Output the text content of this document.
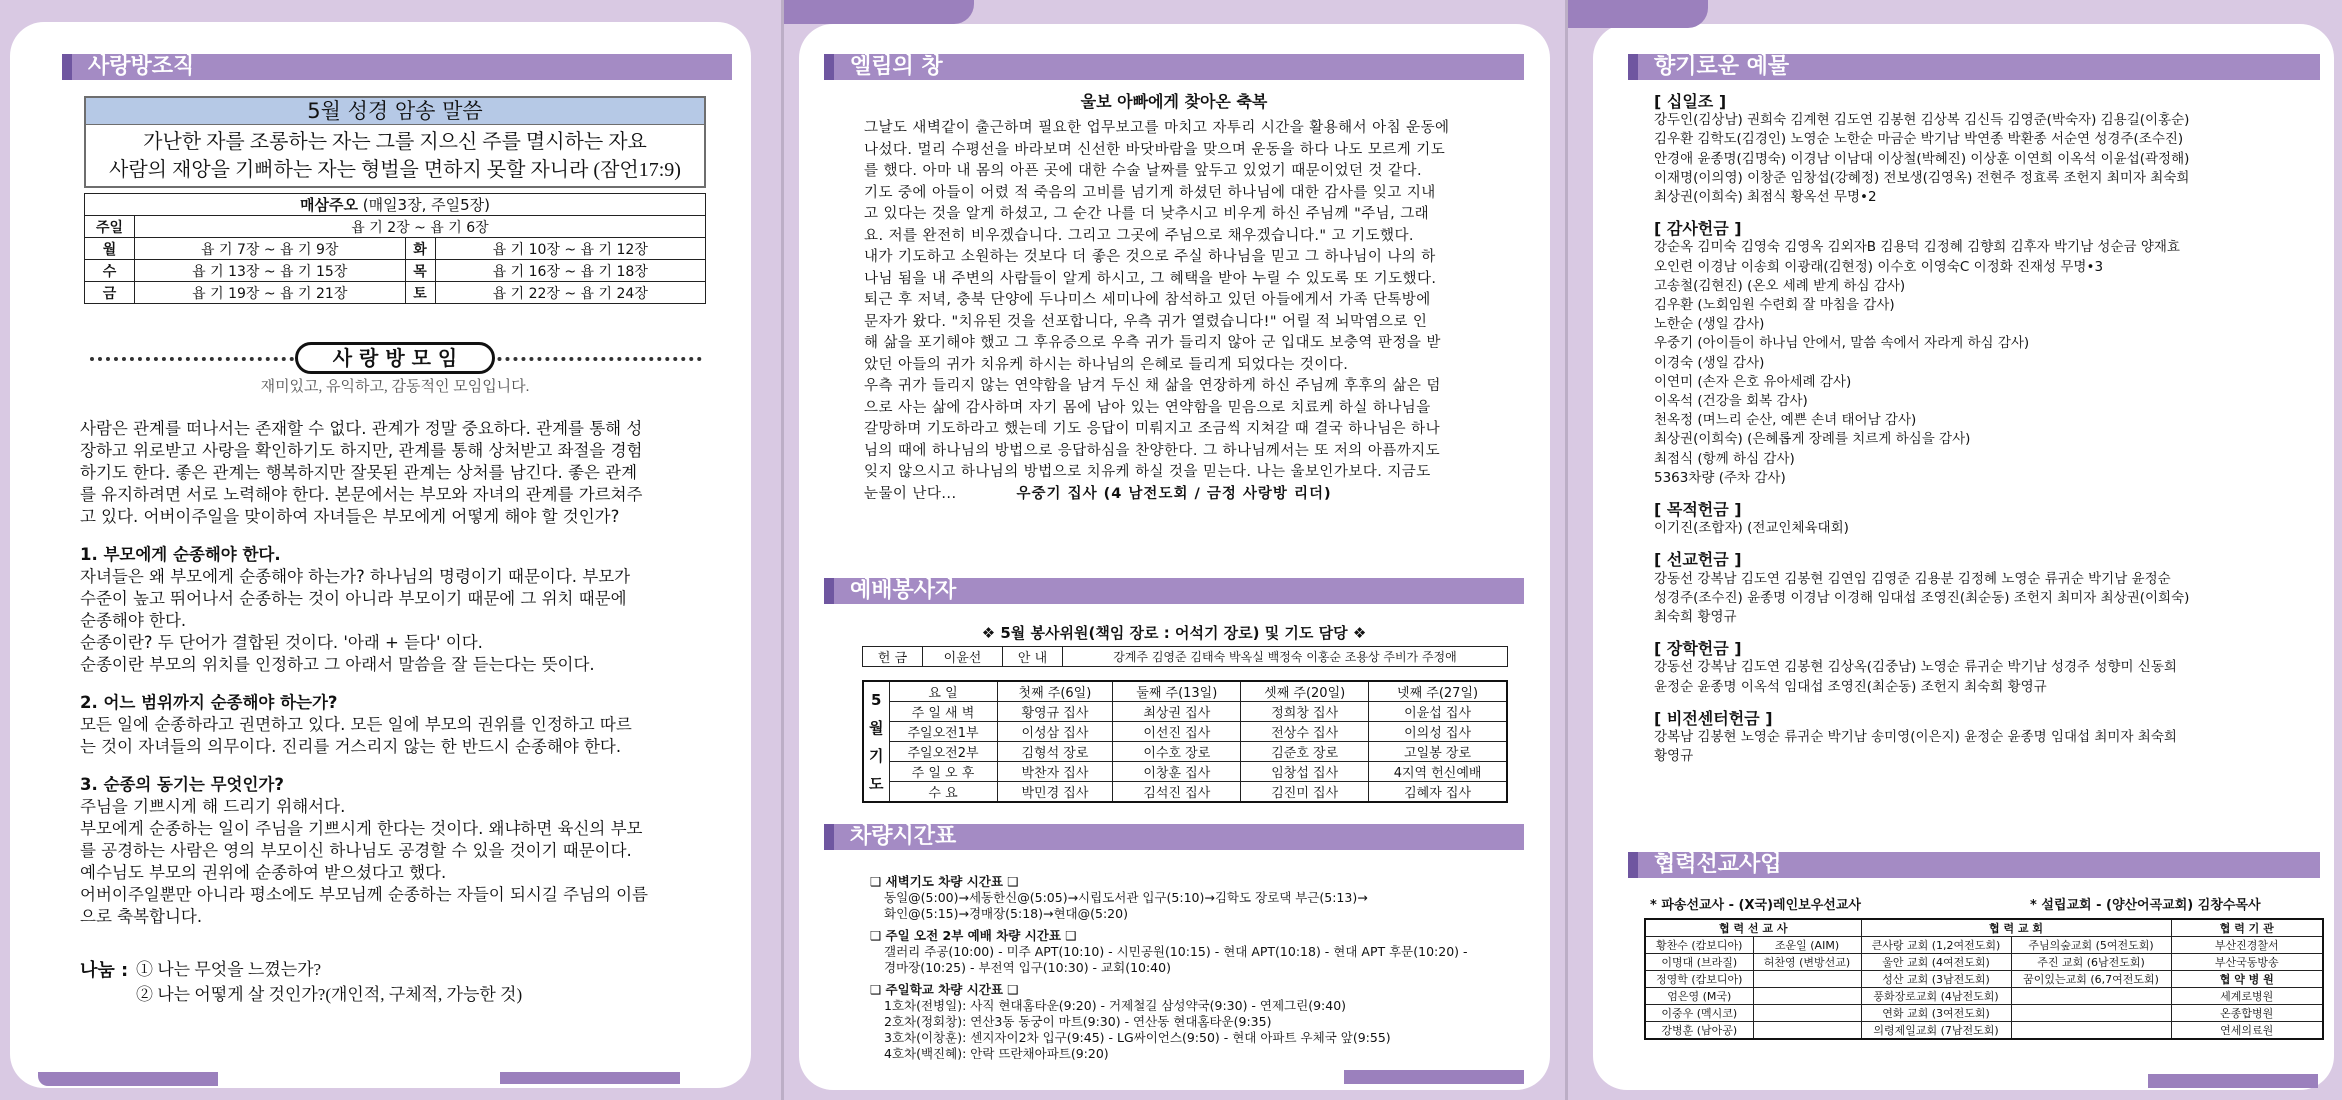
사랑방조직
5월 성경 암송 말씀
가난한 자를 조롱하는 자는 그를 지으신 주를 멸시하는 자요
사람의 재앙을 기뻐하는 자는 형벌을 면하지 못할 자니라 (잠언17:9)
매삼주오 (매일3장, 주일5장)			
주일	욥 기 2장 ~ 욥 기 6장		
월	욥 기 7장 ~ 욥 기 9장	화	욥 기 10장 ~ 욥 기 12장
수	욥 기 13장 ~ 욥 기 15장	목	욥 기 16장 ~ 욥 기 18장
금	욥 기 19장 ~ 욥 기 21장	토	욥 기 22장 ~ 욥 기 24장
사 랑 방 모 임
재미있고, 유익하고, 감동적인 모임입니다.
사람은 관계를 떠나서는 존재할 수 없다. 관계가 정말 중요하다. 관계를 통해 성
장하고 위로받고 사랑을 확인하기도 하지만, 관계를 통해 상처받고 좌절을 경험
하기도 한다. 좋은 관계는 행복하지만 잘못된 관계는 상처를 남긴다. 좋은 관계
를 유지하려면 서로 노력해야 한다. 본문에서는 부모와 자녀의 관계를 가르쳐주
고 있다. 어버이주일을 맞이하여 자녀들은 부모에게 어떻게 해야 할 것인가?
1. 부모에게 순종해야 한다.
자녀들은 왜 부모에게 순종해야 하는가? 하나님의 명령이기 때문이다. 부모가
수준이 높고 뛰어나서 순종하는 것이 아니라 부모이기 때문에 그 위치 때문에
순종해야 한다.
순종이란? 두 단어가 결합된 것이다. '아래 + 듣다' 이다.
순종이란 부모의 위치를 인정하고 그 아래서 말씀을 잘 듣는다는 뜻이다.
2. 어느 범위까지 순종해야 하는가?
모든 일에 순종하라고 권면하고 있다. 모든 일에 부모의 권위를 인정하고 따르
는 것이 자녀들의 의무이다. 진리를 거스리지 않는 한 반드시 순종해야 한다.
3. 순종의 동기는 무엇인가?
주님을 기쁘시게 해 드리기 위해서다.
부모에게 순종하는 일이 주님을 기쁘시게 한다는 것이다. 왜냐하면 육신의 부모
를 공경하는 사람은 영의 부모이신 하나님도 공경할 수 있을 것이기 때문이다.
예수님도 부모의 권위에 순종하여 받으셨다고 했다.
어버이주일뿐만 아니라 평소에도 부모님께 순종하는 자들이 되시길 주님의 이름
으로 축복합니다.
나눔 : ① 나는 무엇을 느꼈는가?
② 나는 어떻게 살 것인가?(개인적, 구체적, 가능한 것)
엘림의 창
울보 아빠에게 찾아온 축복
그날도 새벽같이 출근하며 필요한 업무보고를 마치고 자투리 시간을 활용해서 아침 운동에
나섰다. 멀리 수평선을 바라보며 신선한 바닷바람을 맞으며 운동을 하다 나도 모르게 기도
를 했다. 아마 내 몸의 아픈 곳에 대한 수술 날짜를 앞두고 있었기 때문이었던 것 같다.
기도 중에 아들이 어렸 적 죽음의 고비를 넘기게 하셨던 하나님에 대한 감사를 잊고 지내
고 있다는 것을 알게 하셨고, 그 순간 나를 더 낮추시고 비우게 하신 주님께 "주님, 그래
요. 저를 완전히 비우겠습니다. 그리고 그곳에 주님으로 채우겠습니다." 고 기도했다.
내가 기도하고 소원하는 것보다 더 좋은 것으로 주실 하나님을 믿고 그 하나님이 나의 하
나님 됨을 내 주변의 사람들이 알게 하시고, 그 혜택을 받아 누릴 수 있도록 또 기도했다.
퇴근 후 저녁, 충북 단양에 두나미스 세미나에 참석하고 있던 아들에게서 가족 단톡방에
문자가 왔다. "치유된 것을 선포합니다, 우측 귀가 열렸습니다!" 어릴 적 뇌막염으로 인
해 삶을 포기해야 했고 그 후유증으로 우측 귀가 들리지 않아 군 입대도 보충역 판정을 받
았던 아들의 귀가 치유케 하시는 하나님의 은혜로 들리게 되었다는 것이다.
우측 귀가 들리지 않는 연약함을 남겨 두신 채 삶을 연장하게 하신 주님께 후후의 삶은 덤
으로 사는 삶에 감사하며 자기 몸에 남아 있는 연약함을 믿음으로 치료케 하실 하나님을
갈망하며 기도하라고 했는데 기도 응답이 미뤄지고 조금씩 지쳐갈 때 결국 하나님은 하나
님의 때에 하나님의 방법으로 응답하심을 찬양한다. 그 하나님께서는 또 저의 아픔까지도
잊지 않으시고 하나님의 방법으로 치유케 하실 것을 믿는다. 나는 울보인가보다. 지금도
눈물이 난다...	우중기 집사 (4 남전도회 / 금정 사랑방 리더)
예배봉사자
❖ 5월 봉사위원(책임 장로 : 어석기 장로) 및 기도 담당 ❖
헌 금	이윤선	안 내	강계주 김영준 김태숙 박옥실 백정숙 이홍순 조용상 주비가 주정애
5월기도	요 일	첫째 주(6일)	둘째 주(13일)	셋째 주(20일)	넷째 주(27일)
	주 일 새 벽	황영규 집사	최상권 집사	정희창 집사	이윤섭 집사
	주일오전1부	이성삼 집사	이선진 집사	전상수 집사	이의성 집사
	주일오전2부	김형석 장로	이수호 장로	김준호 장로	고일봉 장로
	주 일 오 후	박찬자 집사	이창훈 집사	임창섭 집사	4지역 헌신예배
	수 요	박민경 집사	김석진 집사	김진미 집사	김혜자 집사
차량시간표
❑ 새벽기도 차량 시간표 ❑
동일@(5:00)→세동한신@(5:05)→시립도서관 입구(5:10)→김학도 장로댁 부근(5:13)→
화인@(5:15)→경매장(5:18)→현대@(5:20)
❑ 주일 오전 2부 예배 차량 시간표 ❑
갤러리 주공(10:00) - 미주 APT(10:10) - 시민공원(10:15) - 현대 APT(10:18) - 현대 APT 후문(10:20) -
경마장(10:25) - 부전역 입구(10:30) - 교회(10:40)
❑ 주일학교 차량 시간표 ❑
1호차(전병일): 사직 현대홈타운(9:20) - 거제철길 삼성약국(9:30) - 연제그린(9:40)
2호차(정회창): 연산3동 동궁이 마트(9:30) - 연산동 현대홈타운(9:35)
3호차(이창훈): 센지자이2차 입구(9:45) - LG싸이언스(9:50) - 현대 아파트 우체국 앞(9:55)
4호차(백진혜): 안락 뜨란채아파트(9:20)
향기로운 예물
[ 십일조 ]
강두인(김상남) 권희숙 김계현 김도연 김봉현 김상복 김신득 김영준(박숙자) 김용길(이홍순)
김우환 김학도(김경인) 노영순 노한순 마금순 박기남 박연종 박환종 서순연 성경주(조수진)
안경애 윤종명(김명숙) 이경남 이남대 이상철(박혜진) 이상훈 이연희 이옥석 이윤섭(곽정해)
이재명(이의영) 이창준 임창섭(강혜정) 전보생(김영옥) 전현주 정효록 조헌지 최미자 최숙희
최상권(이희숙) 최점식 황옥선 무명•2
[ 감사헌금 ]
강순옥 김미숙 김영숙 김영옥 김외자B 김용덕 김정혜 김향희 김후자 박기남 성순금 양재효
오인련 이경남 이송희 이광래(김현정) 이수호 이영숙C 이정화 진재성 무명•3
고송철(김현진) (온오 세례 받게 하심 감사)
김우환 (노회임원 수련회 잘 마침을 감사)
노한순 (생일 감사)
우중기 (아이들이 하나님 안에서, 말씀 속에서 자라게 하심 감사)
이경숙 (생일 감사)
이연미 (손자 은호 유아세례 감사)
이옥석 (건강을 회복 감사)
천옥정 (며느리 순산, 예쁜 손녀 태어남 감사)
최상권(이희숙) (은혜롭게 장례를 치르게 하심을 감사)
최점식 (항께 하심 감사)
5363차량 (주차 감사)
[ 목적헌금 ]
이기진(조합자) (전교인체육대회)
[ 선교헌금 ]
강동선 강복남 김도연 김봉현 김연임 김영준 김용분 김정혜 노영순 류귀순 박기남 윤정순
성경주(조수진) 윤종명 이경남 이경해 임대섭 조영진(최순동) 조헌지 최미자 최상권(이희숙)
최숙희 황영규
[ 장학헌금 ]
강동선 강복남 김도연 김봉현 김상옥(김중남) 노영순 류귀순 박기남 성경주 성향미 신동희
윤정순 윤종명 이옥석 임대섭 조영진(최순동) 조헌지 최숙희 황영규
[ 비전센터헌금 ]
강복남 김봉현 노영순 류귀순 박기남 송미영(이은지) 윤정순 윤종명 임대섭 최미자 최숙희
황영규
협력선교사업
* 파송선교사 - (X국)레인보우선교사	* 설립교회 - (양산어곡교회) 김창수목사
협 력 선 교 사		협 력 교 회		협 력 기 관
황찬수 (캄보디아)	조운일 (AIM)	큰사랑 교회 (1,2여전도회)	주님의숲교회 (5여전도회)	부산진경찰서
이명대 (브라질)	허찬영 (변방선교)	울안 교회 (4여전도회)	주진 교회 (6남전도회)	부산국동방송
정영학 (캄보디아)		성산 교회 (3남전도회)	꿈이있는교회 (6,7여전도회)	협 약 병 원
엄은영 (M국)		풍화장로교회 (4남전도회)		세계로병원
이중우 (멕시코)		연화 교회 (3여전도회)		온종합병원
강병훈 (남아공)		의령제일교회 (7남전도회)		연세의료원
